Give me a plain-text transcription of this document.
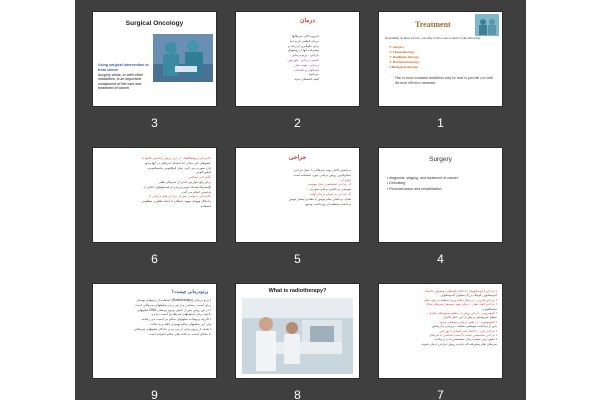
Surgical Oncology
Using surgical intervention to treat cancer
Surgery alone, or with other modalities, is an important component of the care and treatment of cancer
3
درمان
امروزه اکثر سرطانها
درمان قطعی دارند اما
برای جلوگیری از رشد و
پیشرفت آنها از روشهای
جراحی ، پرتو درمانی ،
شیمی درمانی ، هورمون
درمانی ، پیوند مغز
استخوان و استفاده
می‌شود.
البته یافته‌های جدید
2
Treatment
Depending on these factors, you may receive one or more of the following:
➢ Surgery
➢ Chemotherapy
➢ Radiation therapy
➢ Hormonal therapy
➢Biological therapy
One or more treatment modalities may be used to provide you with the most effective treatment
1
-4جراحی پروفیلاکتیک : در این روش برداشتن بافتها یا
عضوهای غیر حیاتی که احتمال سرطان در آنها وجود
دارد صورت می گیرد. مثل کولکتومی ماستکتومی،
اوفورکتومی
-5جراحی تسکینی
برای رفع عوارض ناشی از سرطان نظیر
اولسرها،انسداد،خونریزی،درد و فیستولهای داخلی از
بدخیمی انجام می گیرد.
-6جراحی ترمیمی: پس از جراحی های درمانی یا
رادیکال وبهدف بهبود عملکرد یا ایجاد ظاهری مطلوبتر
استفاده
6
جراحی
برداشتن کامل توده سرطانی با عمل جراحی
متداولترین روش درمانی مورد استفاده است
انواع آن :
1- جراحی تشخیصی: مثل بیوپسی
بیوپسی برداشتی-برشی-سوزنی
2- جراحی به عنوان درمان اولیه
هدف برداشتن تمام تومور یا مقادیر بیشتر تومور
برداشت منطقه ای ویرداشت وسیع
5
Surgery
• diagnosis, staging, and treatment of cancer
• Debulking
• Reconstruction and rehabilitation
4
پرتودرمانی چیست؟
• پرتو درمانی (Radiotherapy) استفاده از پرتوهای یونساز
برای آسیب رساندن و از بین بردن سلولهای سرطانی است
• در این روش پس از تابش پرتوی یونساز، DNA سلولهای
ناحیه درمان (سلولهای سرطانی) آسیب دیده و
• اگرچه پرتوها به سلولهای سالم نیز آسیب می رسانند
ولی این سلولهای سالم بهبودی یافته و به حالت
• هدف از پرتودرمانی از بین بردن حداکثر سلولهای سرطانی
با حداقل آسیب به بافت های سالم اطراف است
9
What is radiotherapy?
8
• جراحی آندوسکوپیک : با کمک تلسکوپ وتصاویر با ابعاد
آندوسکوپی کوچک بزرگ تصاویر آندوسکوپی
• جراحی لیزری : در محل دهانه ورود منطقه ی مورد نظر
• جراحی ابعاد بطن : درمان نفوذ موضعی سرطان مثال
ماستکتومی
• کیپوتروپنی : از این روش در تنظیم تومورهای شامل ...
سطح غیرپوستی و پس از این عمل کنترل
• کمپوتوتونی : از تغییر درمانی موضعی وجود
پس از برداشت موضعی ضایعه ، بررسی و آزمایش
• جراحی لیزر : با کمک فیبر اپتیکی با نور لیزر
• جراحی تشخیصی ساده یا آسیب شناسی یا سرطان
• دقیق ترین نتیجه درمان تشخیصی با رد و رقابت
سرطان های پیشرفته که باید به روش جراحی درمان شوند
7
